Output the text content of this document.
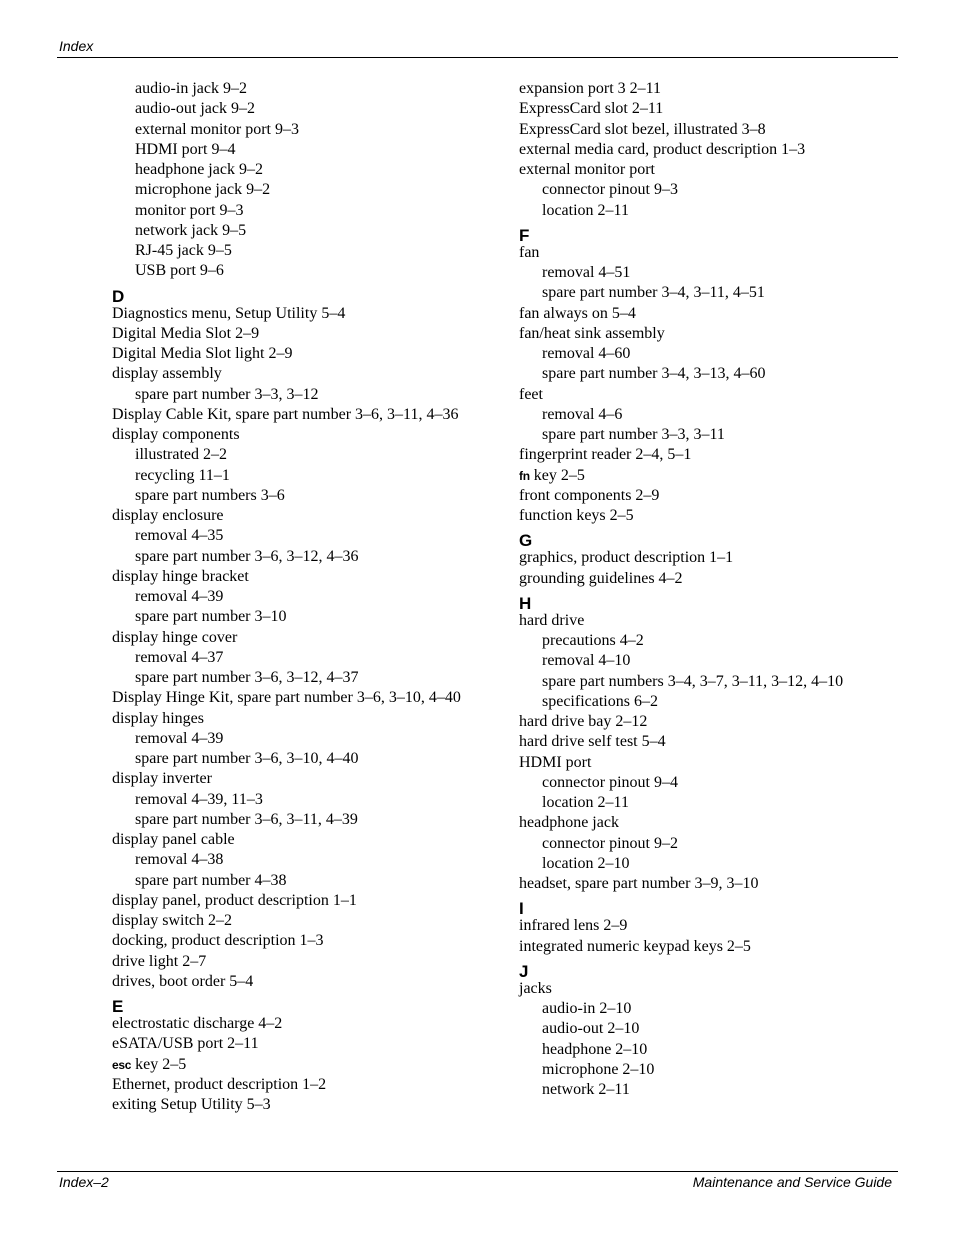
Index
audio-in jack 9–2
audio-out jack 9–2
external monitor port 9–3
HDMI port 9–4
headphone jack 9–2
microphone jack 9–2
monitor port 9–3
network jack 9–5
RJ-45 jack 9–5
USB port 9–6
D
Diagnostics menu, Setup Utility 5–4
Digital Media Slot 2–9
Digital Media Slot light 2–9
display assembly
spare part number 3–3, 3–12
Display Cable Kit, spare part number 3–6, 3–11, 4–36
display components
illustrated 2–2
recycling 11–1
spare part numbers 3–6
display enclosure
removal 4–35
spare part number 3–6, 3–12, 4–36
display hinge bracket
removal 4–39
spare part number 3–10
display hinge cover
removal 4–37
spare part number 3–6, 3–12, 4–37
Display Hinge Kit, spare part number 3–6, 3–10, 4–40
display hinges
removal 4–39
spare part number 3–6, 3–10, 4–40
display inverter
removal 4–39, 11–3
spare part number 3–6, 3–11, 4–39
display panel cable
removal 4–38
spare part number 4–38
display panel, product description 1–1
display switch 2–2
docking, product description 1–3
drive light 2–7
drives, boot order 5–4
E
electrostatic discharge 4–2
eSATA/USB port 2–11
esc key 2–5
Ethernet, product description 1–2
exiting Setup Utility 5–3
expansion port 3 2–11
ExpressCard slot 2–11
ExpressCard slot bezel, illustrated 3–8
external media card, product description 1–3
external monitor port
connector pinout 9–3
location 2–11
F
fan
removal 4–51
spare part number 3–4, 3–11, 4–51
fan always on 5–4
fan/heat sink assembly
removal 4–60
spare part number 3–4, 3–13, 4–60
feet
removal 4–6
spare part number 3–3, 3–11
fingerprint reader 2–4, 5–1
fn key 2–5
front components 2–9
function keys 2–5
G
graphics, product description 1–1
grounding guidelines 4–2
H
hard drive
precautions 4–2
removal 4–10
spare part numbers 3–4, 3–7, 3–11, 3–12, 4–10
specifications 6–2
hard drive bay 2–12
hard drive self test 5–4
HDMI port
connector pinout 9–4
location 2–11
headphone jack
connector pinout 9–2
location 2–10
headset, spare part number 3–9, 3–10
I
infrared lens 2–9
integrated numeric keypad keys 2–5
J
jacks
audio-in 2–10
audio-out 2–10
headphone 2–10
microphone 2–10
network 2–11
Index–2	Maintenance and Service Guide
